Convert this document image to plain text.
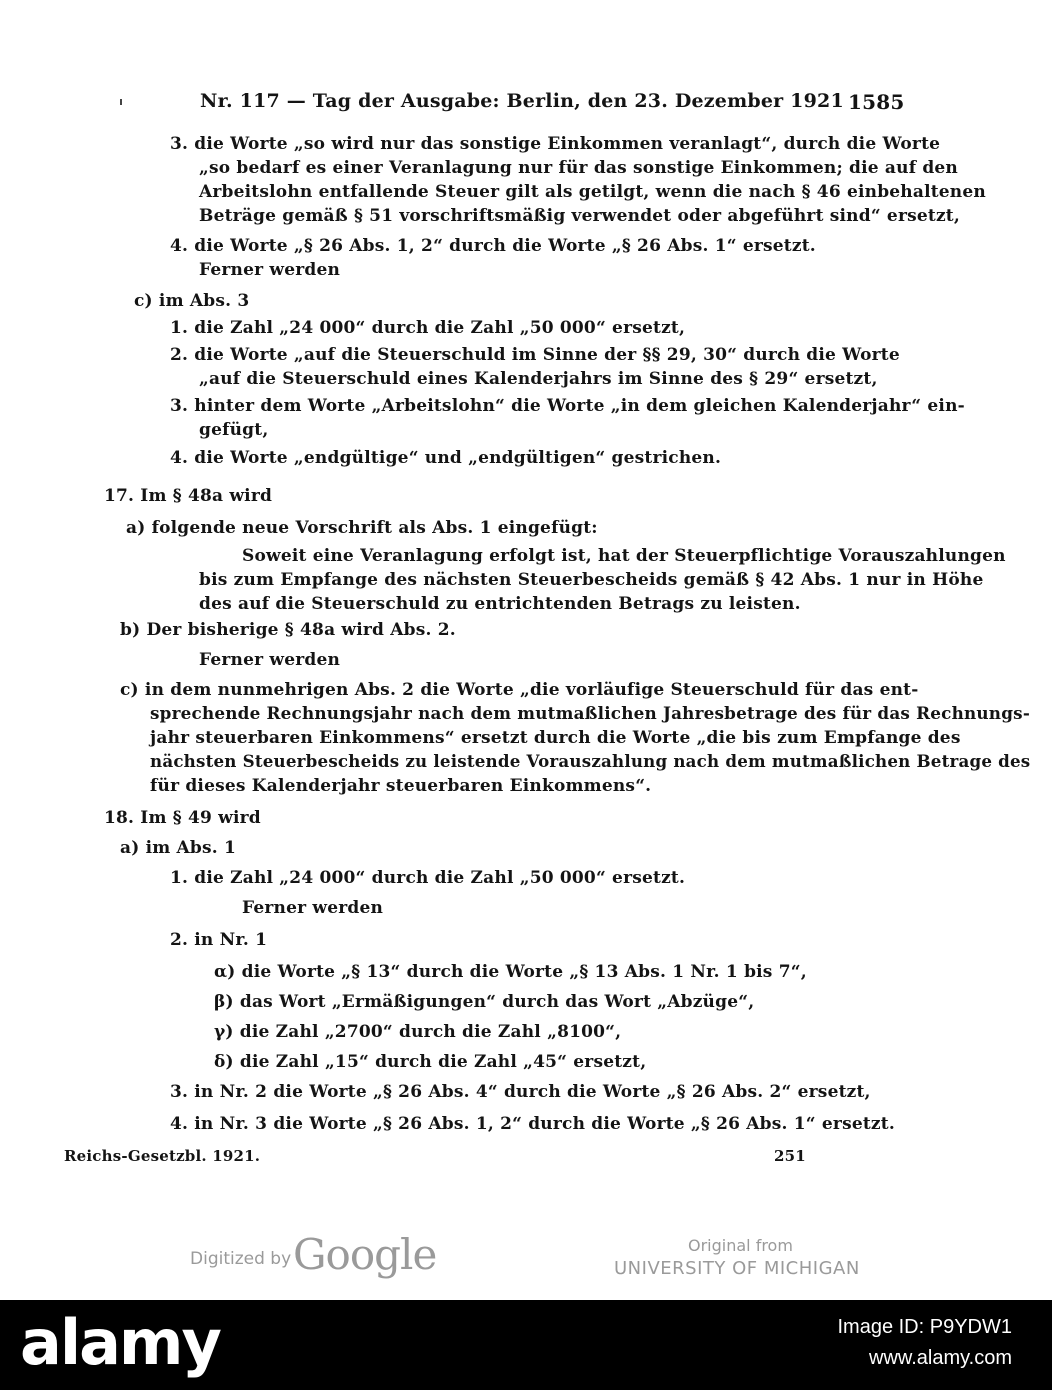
Nr. 117 — Tag der Ausgabe: Berlin, den 23. Dezember 1921 1585
3. die Worte „so wird nur das sonstige Einkommen veranlagt“, durch die Worte
„so bedarf es einer Veranlagung nur für das sonstige Einkommen; die auf den
Arbeitslohn entfallende Steuer gilt als getilgt, wenn die nach § 46 einbehaltenen
Beträge gemäß § 51 vorschriftsmäßig verwendet oder abgeführt sind“ ersetzt,
4. die Worte „§ 26 Abs. 1, 2“ durch die Worte „§ 26 Abs. 1“ ersetzt.
Ferner werden
c) im Abs. 3
1. die Zahl „24 000“ durch die Zahl „50 000“ ersetzt,
2. die Worte „auf die Steuerschuld im Sinne der §§ 29, 30“ durch die Worte
„auf die Steuerschuld eines Kalenderjahrs im Sinne des § 29“ ersetzt,
3. hinter dem Worte „Arbeitslohn“ die Worte „in dem gleichen Kalenderjahr“ ein-
gefügt,
4. die Worte „endgültige“ und „endgültigen“ gestrichen.
17. Im § 48a wird
a) folgende neue Vorschrift als Abs. 1 eingefügt:
Soweit eine Veranlagung erfolgt ist, hat der Steuerpflichtige Vorauszahlungen
bis zum Empfange des nächsten Steuerbescheids gemäß § 42 Abs. 1 nur in Höhe
des auf die Steuerschuld zu entrichtenden Betrags zu leisten.
b) Der bisherige § 48a wird Abs. 2.
Ferner werden
c) in dem nunmehrigen Abs. 2 die Worte „die vorläufige Steuerschuld für das ent-
sprechende Rechnungsjahr nach dem mutmaßlichen Jahresbetrage des für das Rechnungs-
jahr steuerbaren Einkommens“ ersetzt durch die Worte „die bis zum Empfange des
nächsten Steuerbescheids zu leistende Vorauszahlung nach dem mutmaßlichen Betrage des
für dieses Kalenderjahr steuerbaren Einkommens“.
18. Im § 49 wird
a) im Abs. 1
1. die Zahl „24 000“ durch die Zahl „50 000“ ersetzt.
Ferner werden
2. in Nr. 1
α) die Worte „§ 13“ durch die Worte „§ 13 Abs. 1 Nr. 1 bis 7“,
β) das Wort „Ermäßigungen“ durch das Wort „Abzüge“,
γ) die Zahl „2700“ durch die Zahl „8100“,
δ) die Zahl „15“ durch die Zahl „45“ ersetzt,
3. in Nr. 2 die Worte „§ 26 Abs. 4“ durch die Worte „§ 26 Abs. 2“ ersetzt,
4. in Nr. 3 die Worte „§ 26 Abs. 1, 2“ durch die Worte „§ 26 Abs. 1“ ersetzt.
Reichs-Gesetzbl. 1921.	251
Digitized by Google	Original from
UNIVERSITY OF MICHIGAN
alamy	Image ID: P9YDW1
www.alamy.com
